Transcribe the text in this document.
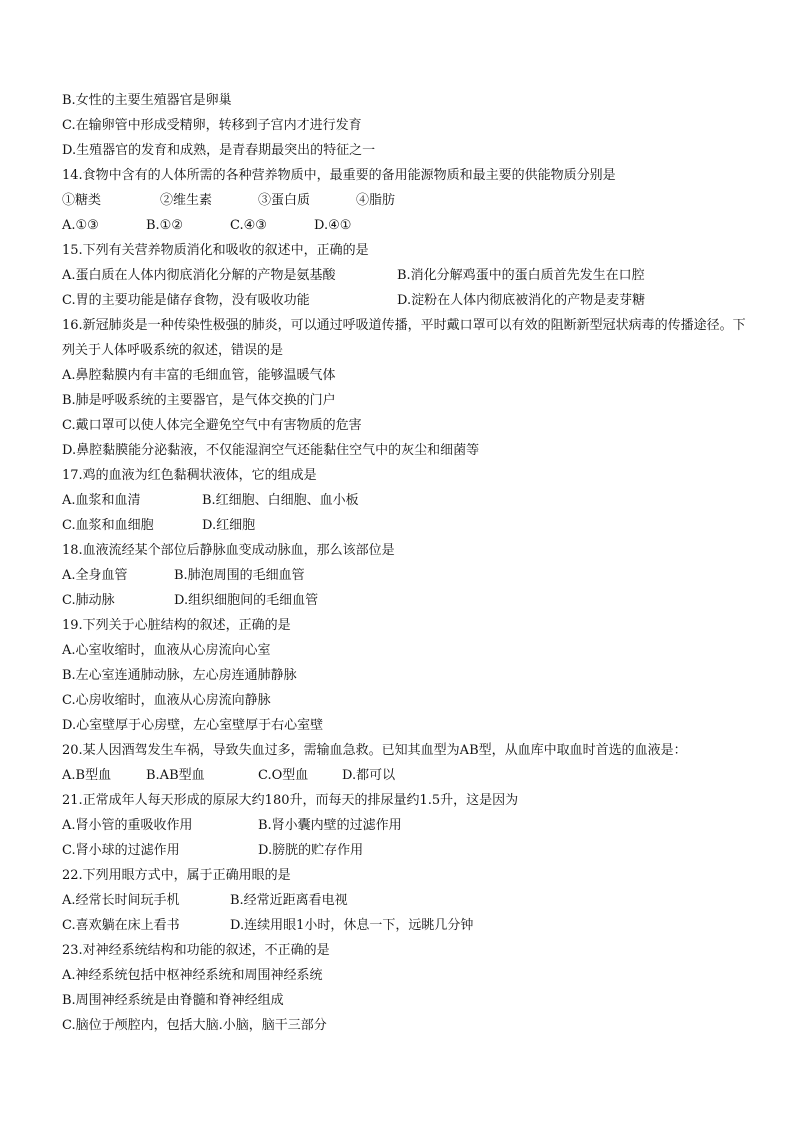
B.女性的主要生殖器官是卵巢
C.在输卵管中形成受精卵，转移到子宫内才进行发育
D.生殖器官的发育和成熟，是青春期最突出的特征之一
14.食物中含有的人体所需的各种营养物质中，最重要的备用能源物质和最主要的供能物质分别是
①糖类	②维生素	③蛋白质	④脂肪
A.①③	B.①②	C.④③	D.④①
15.下列有关营养物质消化和吸收的叙述中，正确的是
A.蛋白质在人体内彻底消化分解的产物是氨基酸	B.消化分解鸡蛋中的蛋白质首先发生在口腔
C.胃的主要功能是储存食物，没有吸收功能	D.淀粉在人体内彻底被消化的产物是麦芽糖
16.新冠肺炎是一种传染性极强的肺炎，可以通过呼吸道传播，平时戴口罩可以有效的阻断新型冠状病毒的传播途径。下列关于人体呼吸系统的叙述，错误的是
A.鼻腔黏膜内有丰富的毛细血管，能够温暖气体
B.肺是呼吸系统的主要器官，是气体交换的门户
C.戴口罩可以使人体完全避免空气中有害物质的危害
D.鼻腔黏膜能分泌黏液，不仅能湿润空气还能黏住空气中的灰尘和细菌等
17.鸡的血液为红色黏稠状液体，它的组成是
A.血浆和血清	B.红细胞、白细胞、血小板
C.血浆和血细胞	D.红细胞
18.血液流经某个部位后静脉血变成动脉血，那么该部位是
A.全身血管	B.肺泡周围的毛细血管
C.肺动脉	D.组织细胞间的毛细血管
19.下列关于心脏结构的叙述，正确的是
A.心室收缩时，血液从心房流向心室
B.左心室连通肺动脉，左心房连通肺静脉
C.心房收缩时，血液从心房流向静脉
D.心室壁厚于心房壁，左心室壁厚于右心室壁
20.某人因酒驾发生车祸，导致失血过多，需输血急救。已知其血型为AB型，从血库中取血时首选的血液是：
A.B型血	B.AB型血	C.O型血	D.都可以
21.正常成年人每天形成的原尿大约180升，而每天的排尿量约1.5升，这是因为
A.肾小管的重吸收作用	B.肾小囊内壁的过滤作用
C.肾小球的过滤作用	D.膀胱的贮存作用
22.下列用眼方式中，属于正确用眼的是
A.经常长时间玩手机	B.经常近距离看电视
C.喜欢躺在床上看书	D.连续用眼1小时，休息一下，远眺几分钟
23.对神经系统结构和功能的叙述，不正确的是
A.神经系统包括中枢神经系统和周围神经系统
B.周围神经系统是由脊髓和脊神经组成
C.脑位于颅腔内，包括大脑.小脑，脑干三部分
